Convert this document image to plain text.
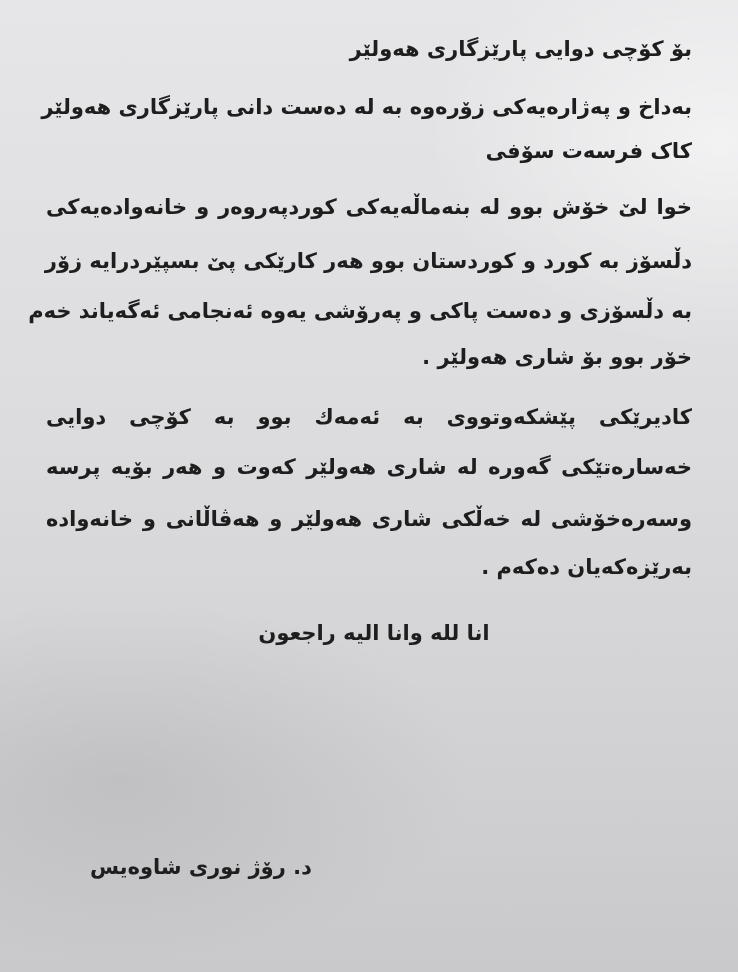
بۆ کۆچی دوایی پارێزگاری هەولێر
بەداخ و پەژارەیەکی زۆرەوە بە لە دەست دانی پارێزگاری هەولێر
کاک فرسەت سۆفی
خوا لێ خۆش بوو لە بنەماڵەیەکی کوردپەروەر و خانەوادەیەکی
دڵسۆز بە کورد و کوردستان بوو هەر کارێکی پێ بسپێردرایە زۆر
بە دڵسۆزی و دەست پاکی و پەرۆشی یەوە ئەنجامی ئەگەیاند خەم
خۆر بوو بۆ شاری هەولێر .
کادیرێکی پێشکەوتووی بە ئەمەك بوو بە کۆچی دوایی
خەسارەتێکی گەورە لە شاری هەولێر کەوت و هەر بۆیە پرسە
وسەرەخۆشی لە خەڵکی شاری هەولێر و هەڤاڵانی و خانەوادە
بەرێزەکەیان دەکەم .
انا لله وانا اليه راجعون
د. رۆژ نوری شاوەیس
